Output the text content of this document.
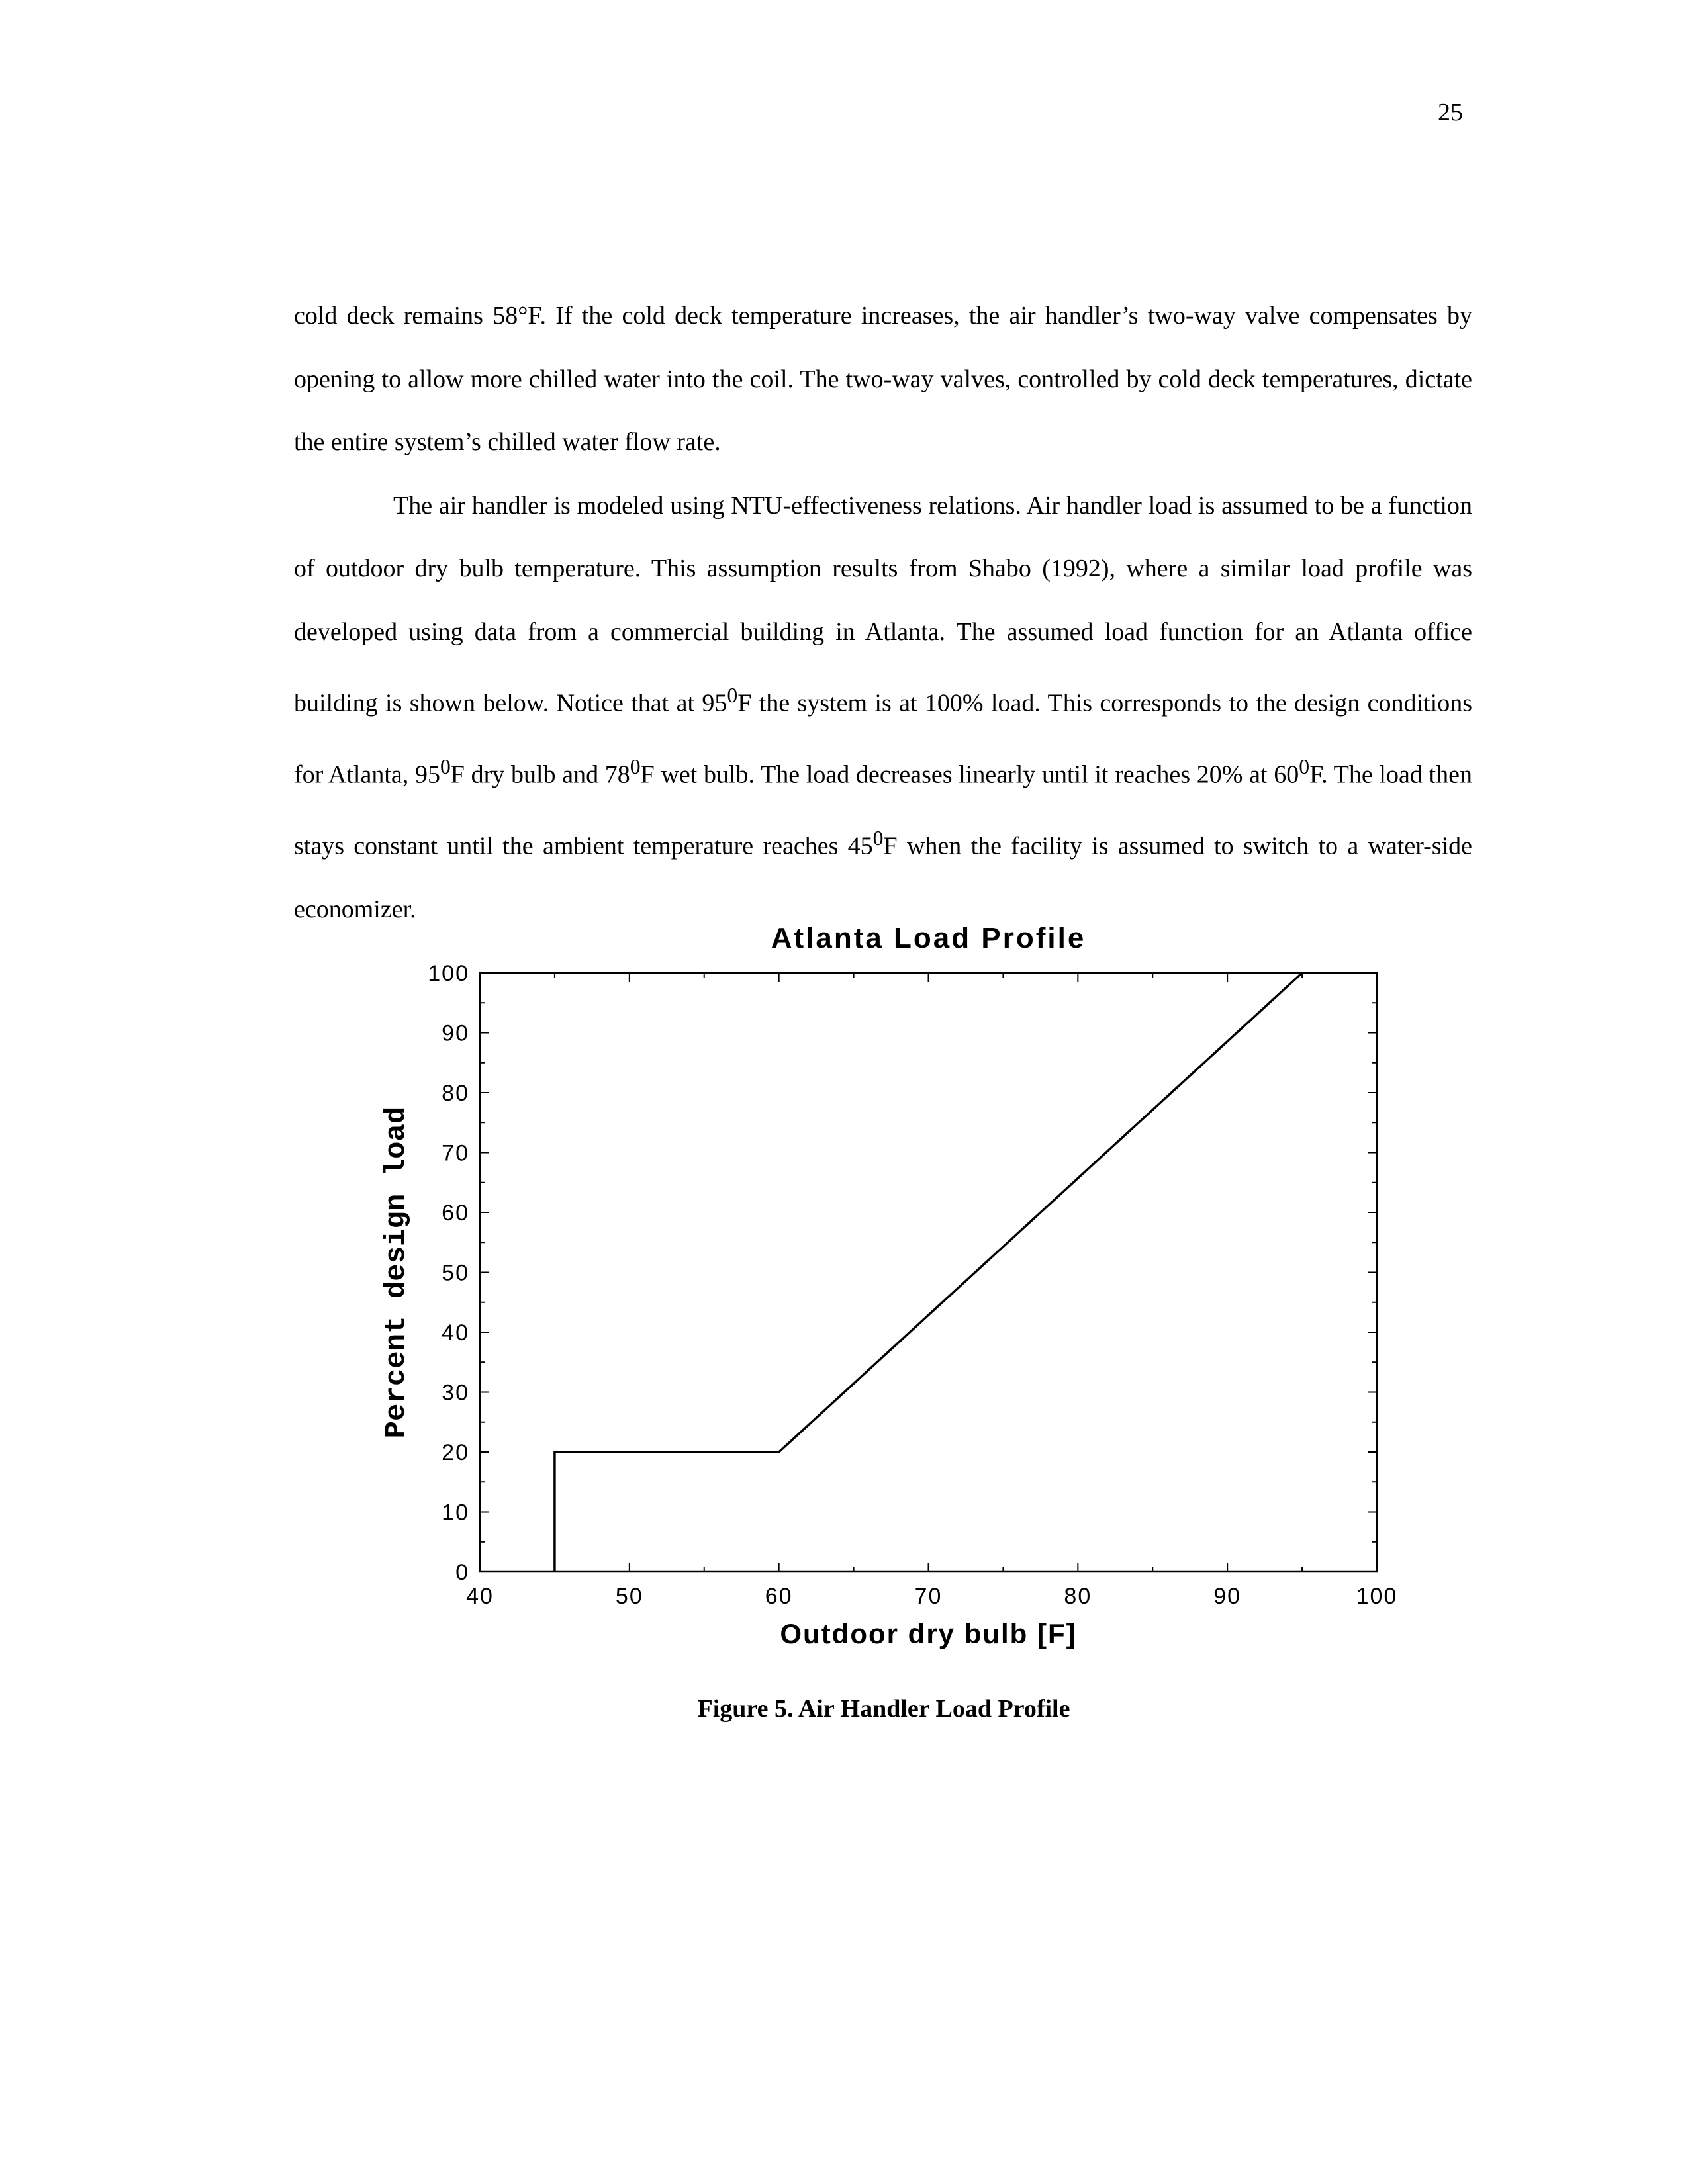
25

cold deck remains 58°F. If the cold deck temperature increases, the air handler’s two-way valve compensates by opening to allow more chilled water into the coil. The two-way valves, controlled by cold deck temperatures, dictate the entire system’s chilled water flow rate.

The air handler is modeled using NTU-effectiveness relations. Air handler load is assumed to be a function of outdoor dry bulb temperature. This assumption results from Shabo (1992), where a similar load profile was developed using data from a commercial building in Atlanta. The assumed load function for an Atlanta office building is shown below. Notice that at $95^0F$ the system is at 100% load. This corresponds to the design conditions for Atlanta, $95^0F$ dry bulb and $78^0F$ wet bulb. The load decreases linearly until it reaches 20% at $60^0F$. The load then stays constant until the ambient temperature reaches $45^0F$ when the facility is assumed to switch to a water-side economizer.

Atlanta Load Profile
40	50	60	70	80	90	100
0
10
20
30
40
50
60
70
80
90
100
Outdoor dry bulb [F]
Percent design load
Figure 5. Air Handler Load Profile
